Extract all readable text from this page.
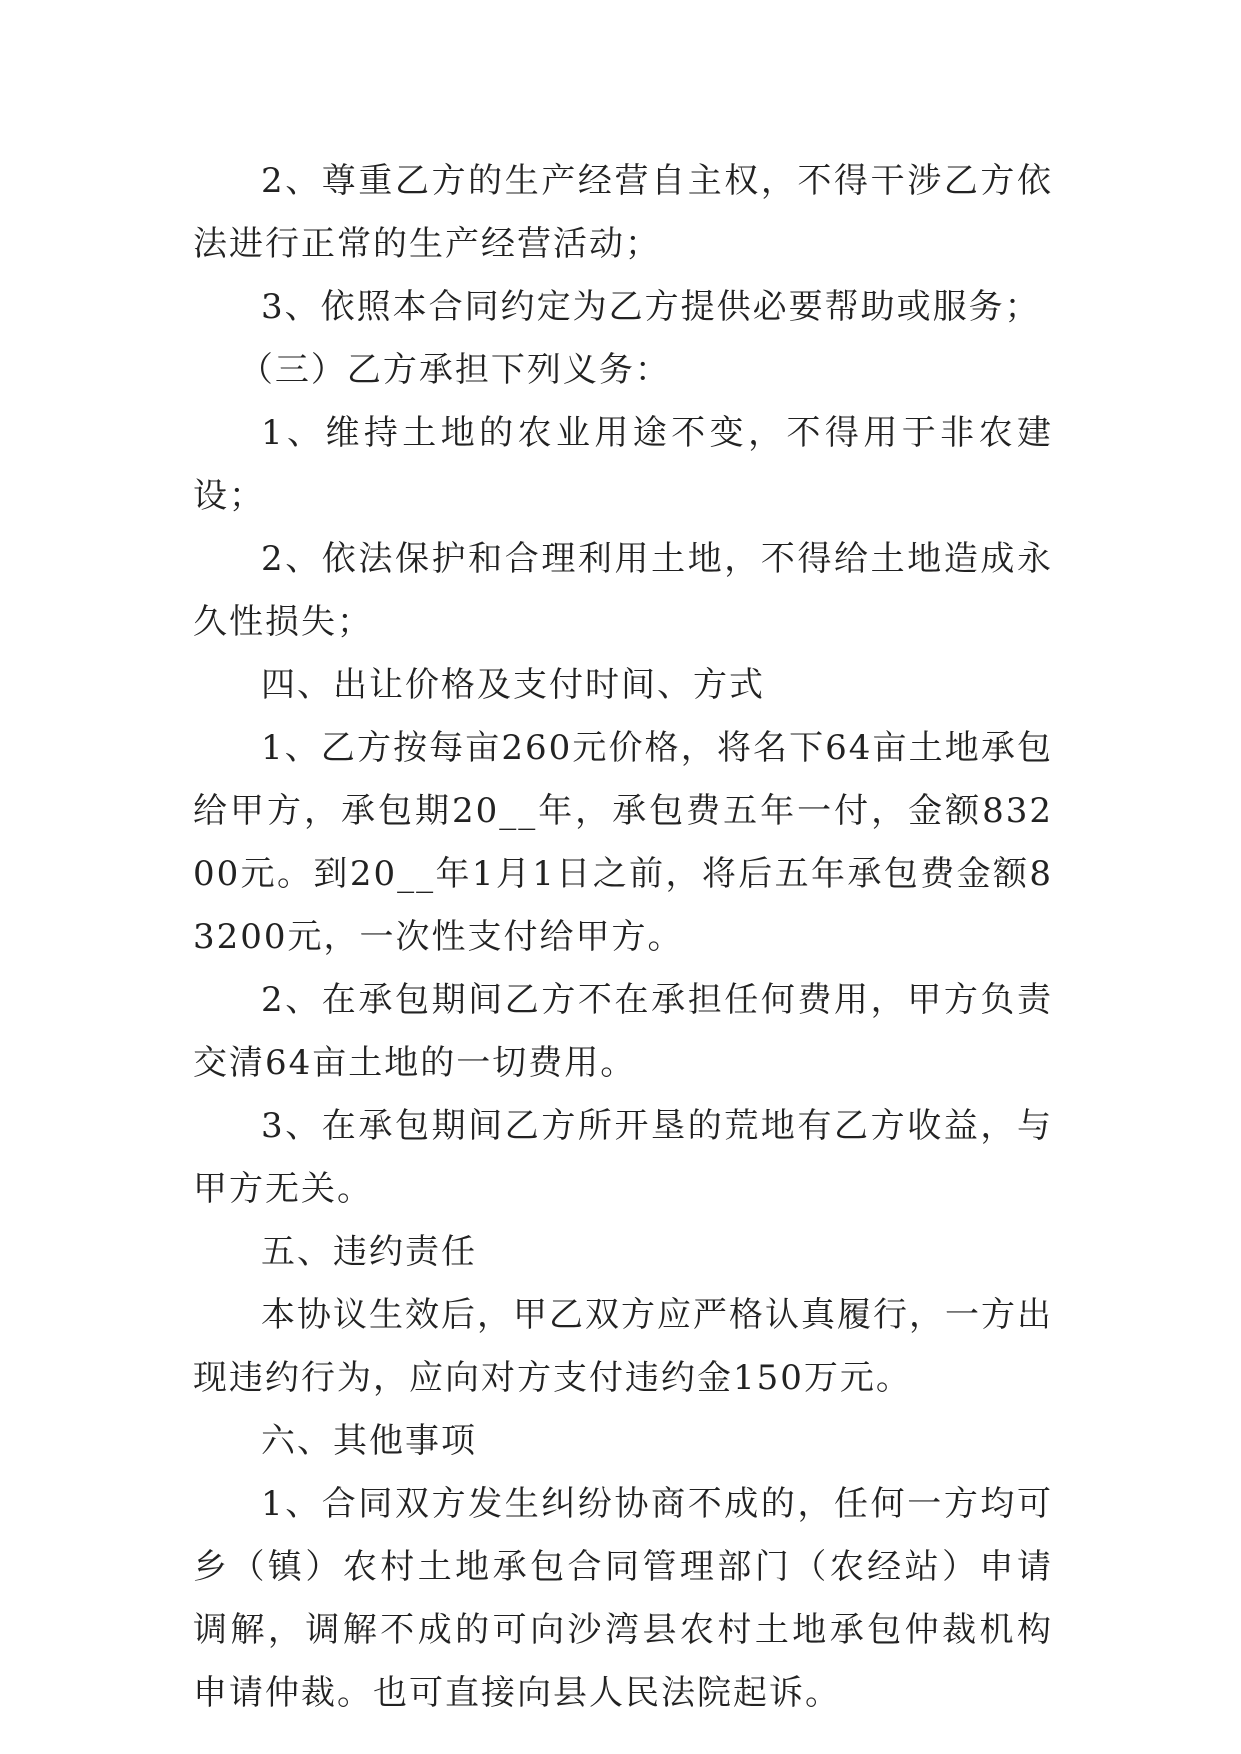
2、尊重乙方的生产经营自主权，不得干涉乙方依法进行正常的生产经营活动；

3、依照本合同约定为乙方提供必要帮助或服务；

（三）乙方承担下列义务：

1、维持土地的农业用途不变，不得用于非农建设；

2、依法保护和合理利用土地，不得给土地造成永久性损失；

四、出让价格及支付时间、方式

1、乙方按每亩260元价格，将名下64亩土地承包给甲方，承包期20__年，承包费五年一付，金额83200元。到20__年1月1日之前，将后五年承包费金额83200元，一次性支付给甲方。

2、在承包期间乙方不在承担任何费用，甲方负责交清64亩土地的一切费用。

3、在承包期间乙方所开垦的荒地有乙方收益，与甲方无关。

五、违约责任

本协议生效后，甲乙双方应严格认真履行，一方出现违约行为，应向对方支付违约金150万元。

六、其他事项

1、合同双方发生纠纷协商不成的，任何一方均可乡（镇）农村土地承包合同管理部门（农经站）申请调解，调解不成的可向沙湾县农村土地承包仲裁机构申请仲裁。也可直接向县人民法院起诉。
